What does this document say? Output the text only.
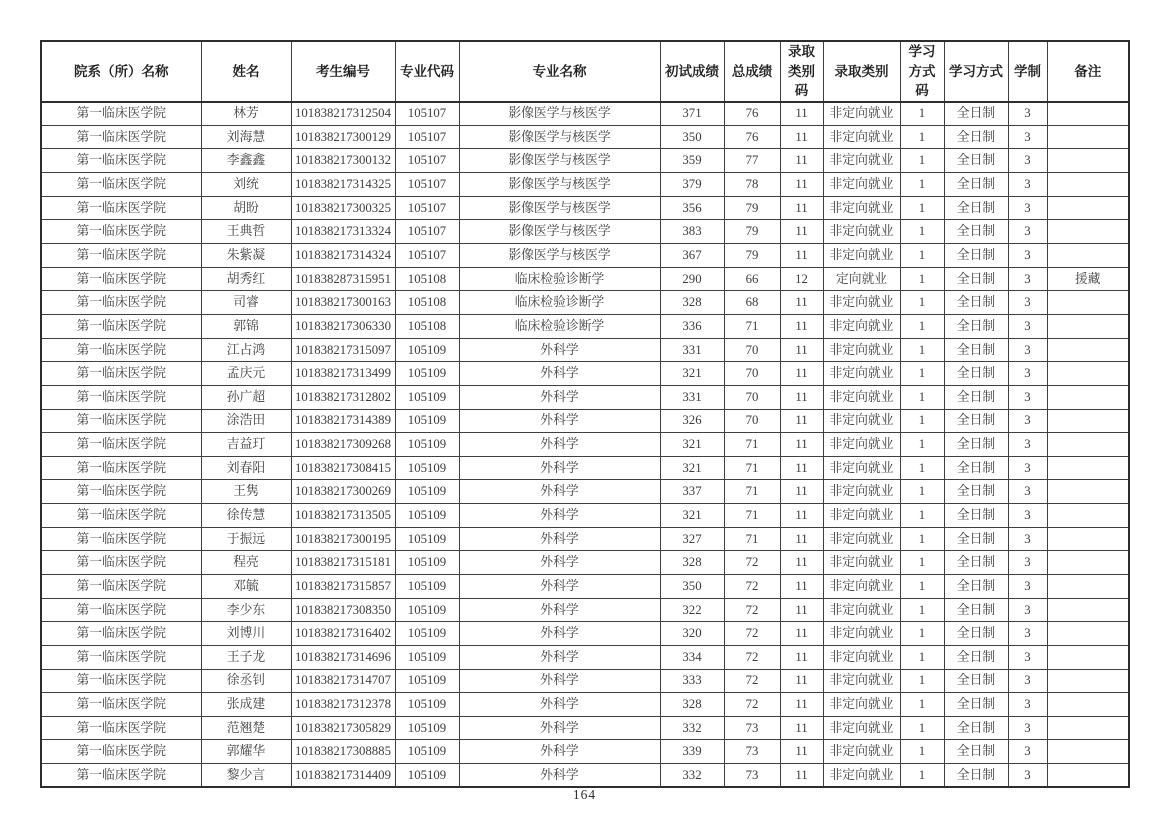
院系（所）名称	姓名	考生编号	专业代码	专业名称	初试成绩	总成绩	录取类别码	录取类别	学习方式码	学习方式	学制	备注
第一临床医学院	林芳	101838217312504	105107	影像医学与核医学	371	76	11	非定向就业	1	全日制	3	
第一临床医学院	刘海慧	101838217300129	105107	影像医学与核医学	350	76	11	非定向就业	1	全日制	3	
第一临床医学院	李鑫鑫	101838217300132	105107	影像医学与核医学	359	77	11	非定向就业	1	全日制	3	
第一临床医学院	刘统	101838217314325	105107	影像医学与核医学	379	78	11	非定向就业	1	全日制	3	
第一临床医学院	胡盼	101838217300325	105107	影像医学与核医学	356	79	11	非定向就业	1	全日制	3	
第一临床医学院	王典哲	101838217313324	105107	影像医学与核医学	383	79	11	非定向就业	1	全日制	3	
第一临床医学院	朱紫凝	101838217314324	105107	影像医学与核医学	367	79	11	非定向就业	1	全日制	3	
第一临床医学院	胡秀红	101838287315951	105108	临床检验诊断学	290	66	12	定向就业	1	全日制	3	援藏
第一临床医学院	司睿	101838217300163	105108	临床检验诊断学	328	68	11	非定向就业	1	全日制	3	
第一临床医学院	郭锦	101838217306330	105108	临床检验诊断学	336	71	11	非定向就业	1	全日制	3	
第一临床医学院	江占鸿	101838217315097	105109	外科学	331	70	11	非定向就业	1	全日制	3	
第一临床医学院	孟庆元	101838217313499	105109	外科学	321	70	11	非定向就业	1	全日制	3	
第一临床医学院	孙广超	101838217312802	105109	外科学	331	70	11	非定向就业	1	全日制	3	
第一临床医学院	涂浩田	101838217314389	105109	外科学	326	70	11	非定向就业	1	全日制	3	
第一临床医学院	吉益玎	101838217309268	105109	外科学	321	71	11	非定向就业	1	全日制	3	
第一临床医学院	刘春阳	101838217308415	105109	外科学	321	71	11	非定向就业	1	全日制	3	
第一临床医学院	王隽	101838217300269	105109	外科学	337	71	11	非定向就业	1	全日制	3	
第一临床医学院	徐传慧	101838217313505	105109	外科学	321	71	11	非定向就业	1	全日制	3	
第一临床医学院	于振远	101838217300195	105109	外科学	327	71	11	非定向就业	1	全日制	3	
第一临床医学院	程亮	101838217315181	105109	外科学	328	72	11	非定向就业	1	全日制	3	
第一临床医学院	邓毓	101838217315857	105109	外科学	350	72	11	非定向就业	1	全日制	3	
第一临床医学院	李少东	101838217308350	105109	外科学	322	72	11	非定向就业	1	全日制	3	
第一临床医学院	刘博川	101838217316402	105109	外科学	320	72	11	非定向就业	1	全日制	3	
第一临床医学院	王子龙	101838217314696	105109	外科学	334	72	11	非定向就业	1	全日制	3	
第一临床医学院	徐丞钊	101838217314707	105109	外科学	333	72	11	非定向就业	1	全日制	3	
第一临床医学院	张成建	101838217312378	105109	外科学	328	72	11	非定向就业	1	全日制	3	
第一临床医学院	范翘楚	101838217305829	105109	外科学	332	73	11	非定向就业	1	全日制	3	
第一临床医学院	郭耀华	101838217308885	105109	外科学	339	73	11	非定向就业	1	全日制	3	
第一临床医学院	黎少言	101838217314409	105109	外科学	332	73	11	非定向就业	1	全日制	3	
164
